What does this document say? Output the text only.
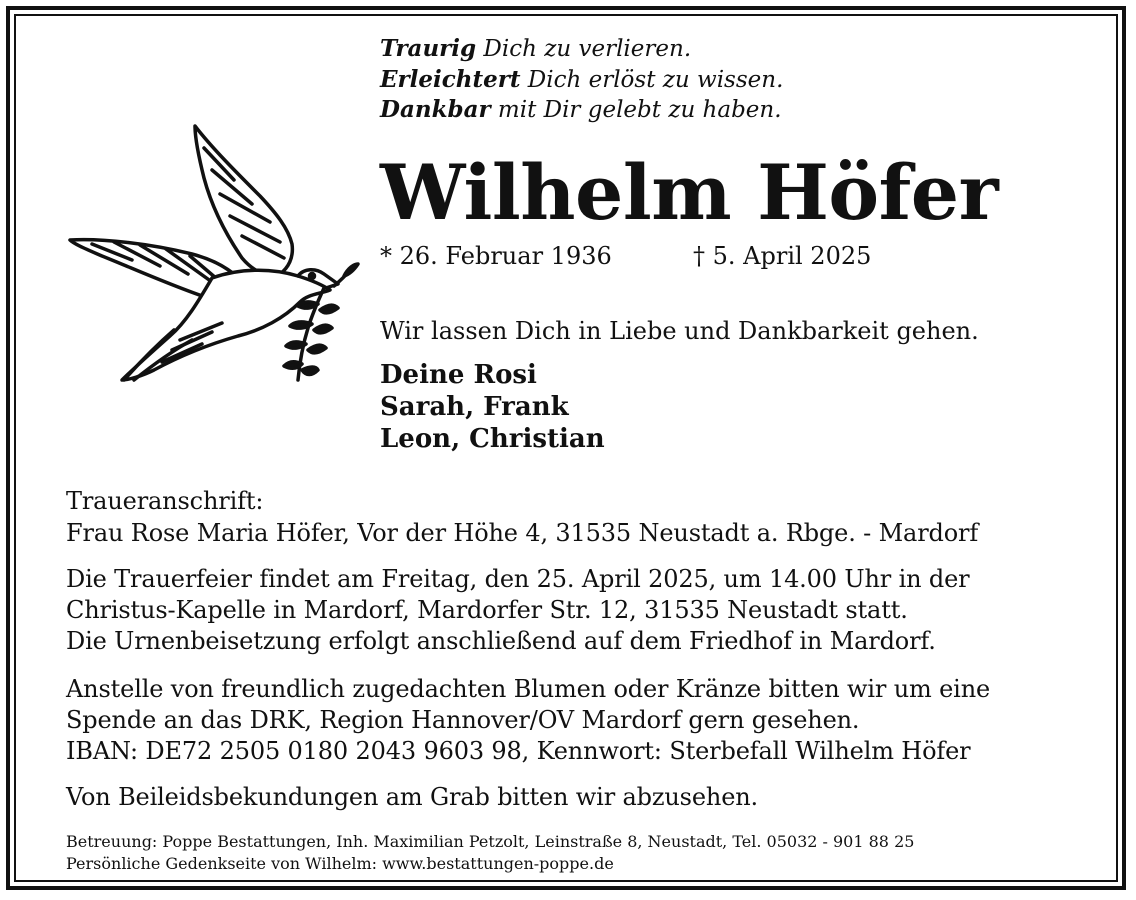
Traurig Dich zu verlieren.
Erleichtert Dich erlöst zu wissen.
Dankbar mit Dir gelebt zu haben.
Wilhelm Höfer
* 26. Februar 1936	† 5. April 2025
Wir lassen Dich in Liebe und Dankbarkeit gehen.
Deine Rosi
Sarah, Frank
Leon, Christian
Traueranschrift:
Frau Rose Maria Höfer, Vor der Höhe 4, 31535 Neustadt a. Rbge. - Mardorf
Die Trauerfeier findet am Freitag, den 25. April 2025, um 14.00 Uhr in der
Christus-Kapelle in Mardorf, Mardorfer Str. 12, 31535 Neustadt statt.
Die Urnenbeisetzung erfolgt anschließend auf dem Friedhof in Mardorf.
Anstelle von freundlich zugedachten Blumen oder Kränze bitten wir um eine
Spende an das DRK, Region Hannover/OV Mardorf gern gesehen.
IBAN: DE72 2505 0180 2043 9603 98, Kennwort: Sterbefall Wilhelm Höfer
Von Beileidsbekundungen am Grab bitten wir abzusehen.
Betreuung: Poppe Bestattungen, Inh. Maximilian Petzolt, Leinstraße 8, Neustadt, Tel. 05032 - 901 88 25
Persönliche Gedenkseite von Wilhelm: www.bestattungen-poppe.de
